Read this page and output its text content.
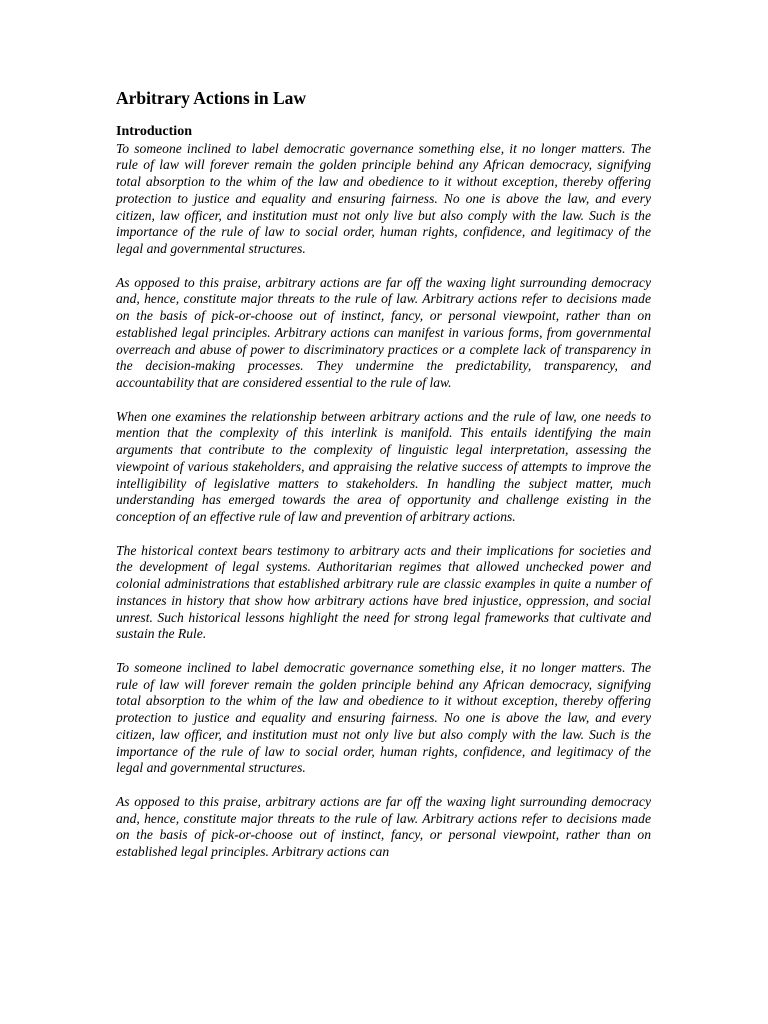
Arbitrary Actions in Law
Introduction

To someone inclined to label democratic governance something else, it no longer matters. The rule of law will forever remain the golden principle behind any African democracy, signifying total absorption to the whim of the law and obedience to it without exception, thereby offering protection to justice and equality and ensuring fairness. No one is above the law, and every citizen, law officer, and institution must not only live but also comply with the law. Such is the importance of the rule of law to social order, human rights, confidence, and legitimacy of the legal and governmental structures.

As opposed to this praise, arbitrary actions are far off the waxing light surrounding democracy and, hence, constitute major threats to the rule of law. Arbitrary actions refer to decisions made on the basis of pick-or-choose out of instinct, fancy, or personal viewpoint, rather than on established legal principles. Arbitrary actions can manifest in various forms, from governmental overreach and abuse of power to discriminatory practices or a complete lack of transparency in the decision-making processes. They undermine the predictability, transparency, and accountability that are considered essential to the rule of law.

When one examines the relationship between arbitrary actions and the rule of law, one needs to mention that the complexity of this interlink is manifold. This entails identifying the main arguments that contribute to the complexity of linguistic legal interpretation, assessing the viewpoint of various stakeholders, and appraising the relative success of attempts to improve the intelligibility of legislative matters to stakeholders. In handling the subject matter, much understanding has emerged towards the area of opportunity and challenge existing in the conception of an effective rule of law and prevention of arbitrary actions.

The historical context bears testimony to arbitrary acts and their implications for societies and the development of legal systems. Authoritarian regimes that allowed unchecked power and colonial administrations that established arbitrary rule are classic examples in quite a number of instances in history that show how arbitrary actions have bred injustice, oppression, and social unrest. Such historical lessons highlight the need for strong legal frameworks that cultivate and sustain the Rule.

To someone inclined to label democratic governance something else, it no longer matters. The rule of law will forever remain the golden principle behind any African democracy, signifying total absorption to the whim of the law and obedience to it without exception, thereby offering protection to justice and equality and ensuring fairness. No one is above the law, and every citizen, law officer, and institution must not only live but also comply with the law. Such is the importance of the rule of law to social order, human rights, confidence, and legitimacy of the legal and governmental structures.

As opposed to this praise, arbitrary actions are far off the waxing light surrounding democracy and, hence, constitute major threats to the rule of law. Arbitrary actions refer to decisions made on the basis of pick-or-choose out of instinct, fancy, or personal viewpoint, rather than on established legal principles. Arbitrary actions can
